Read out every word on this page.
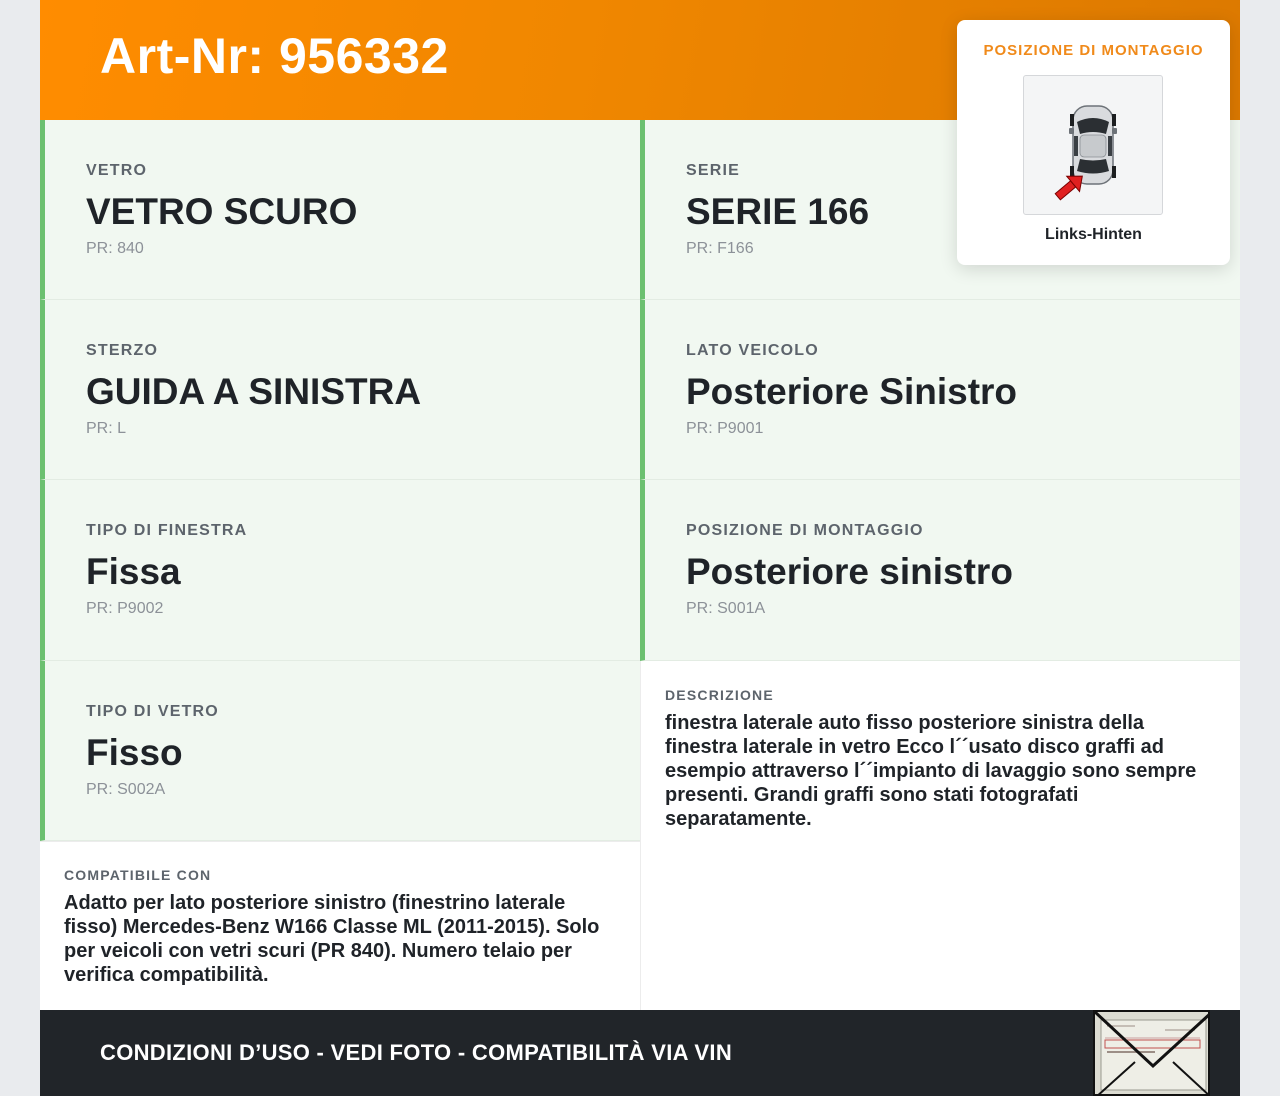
Art-Nr: 956332
VETRO
VETRO SCURO
PR: 840
SERIE
SERIE 166
PR: F166
STERZO
GUIDA A SINISTRA
PR: L
LATO VEICOLO
Posteriore Sinistro
PR: P9001
TIPO DI FINESTRA
Fissa
PR: P9002
POSIZIONE DI MONTAGGIO
Posteriore sinistro
PR: S001A
TIPO DI VETRO
Fisso
PR: S002A
DESCRIZIONE
finestra laterale auto fisso posteriore sinistra della finestra laterale in vetro Ecco l´´usato disco graffi ad esempio attraverso l´´impianto di lavaggio sono sempre presenti. Grandi graffi sono stati fotografati separatamente.
COMPATIBILE CON
Adatto per lato posteriore sinistro (finestrino laterale fisso) Mercedes-Benz W166 Classe ML (2011-2015). Solo per veicoli con vetri scuri (PR 840). Numero telaio per verifica compatibilità.
CONDIZIONI D’USO - VEDI FOTO - COMPATIBILITÀ VIA VIN
POSIZIONE DI MONTAGGIO
Links-Hinten
